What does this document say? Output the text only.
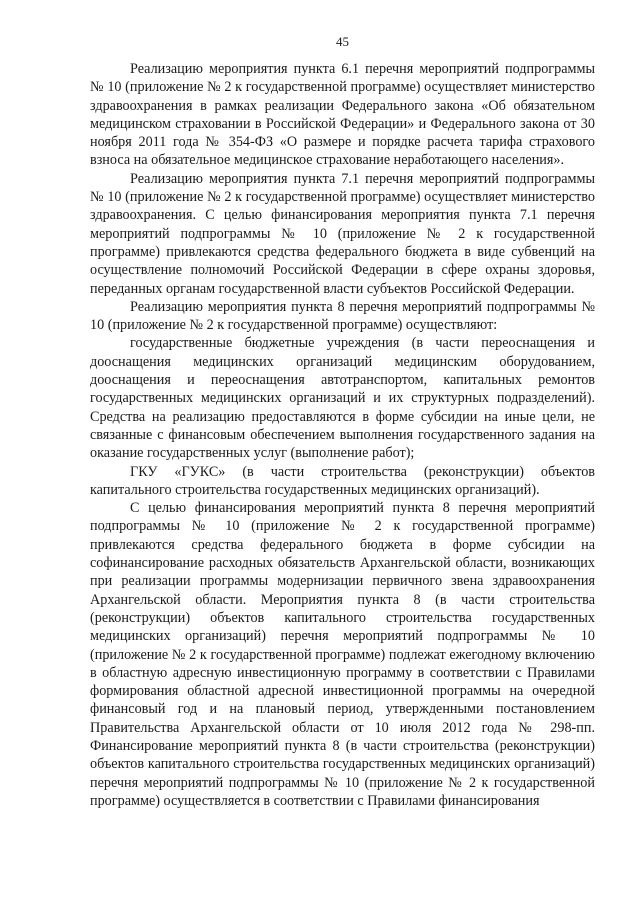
45

Реализацию мероприятия пункта 6.1 перечня мероприятий подпрограммы № 10 (приложение № 2 к государственной программе) осуществляет министерство здравоохранения в рамках реализации Федерального закона «Об обязательном медицинском страховании в Российской Федерации» и Федерального закона от 30 ноября 2011 года № 354-ФЗ «О размере и порядке расчета тарифа страхового взноса на обязательное медицинское страхование неработающего населения».

Реализацию мероприятия пункта 7.1 перечня мероприятий подпрограммы № 10 (приложение № 2 к государственной программе) осуществляет министерство здравоохранения. С целью финансирования мероприятия пункта 7.1 перечня мероприятий подпрограммы № 10 (приложение № 2 к государственной программе) привлекаются средства федерального бюджета в виде субвенций на осуществление полномочий Российской Федерации в сфере охраны здоровья, переданных органам государственной власти субъектов Российской Федерации.

Реализацию мероприятия пункта 8 перечня мероприятий подпрограммы № 10 (приложение № 2 к государственной программе) осуществляют:

государственные бюджетные учреждения (в части переоснащения и дооснащения медицинских организаций медицинским оборудованием, дооснащения и переоснащения автотранспортом, капитальных ремонтов государственных медицинских организаций и их структурных подразделений). Средства на реализацию предоставляются в форме субсидии на иные цели, не связанные с финансовым обеспечением выполнения государственного задания на оказание государственных услуг (выполнение работ);

ГКУ «ГУКС» (в части строительства (реконструкции) объектов капитального строительства государственных медицинских организаций).

С целью финансирования мероприятий пункта 8 перечня мероприятий подпрограммы № 10 (приложение № 2 к государственной программе) привлекаются средства федерального бюджета в форме субсидии на софинансирование расходных обязательств Архангельской области, возникающих при реализации программы модернизации первичного звена здравоохранения Архангельской области. Мероприятия пункта 8 (в части строительства (реконструкции) объектов капитального строительства государственных медицинских организаций) перечня мероприятий подпрограммы № 10 (приложение № 2 к государственной программе) подлежат ежегодному включению в областную адресную инвестиционную программу в соответствии с Правилами формирования областной адресной инвестиционной программы на очередной финансовый год и на плановый период, утвержденными постановлением Правительства Архангельской области от 10 июля 2012 года № 298-пп. Финансирование мероприятий пункта 8 (в части строительства (реконструкции) объектов капитального строительства государственных медицинских организаций) перечня мероприятий подпрограммы № 10 (приложение № 2 к государственной программе) осуществляется в соответствии с Правилами финансирования
